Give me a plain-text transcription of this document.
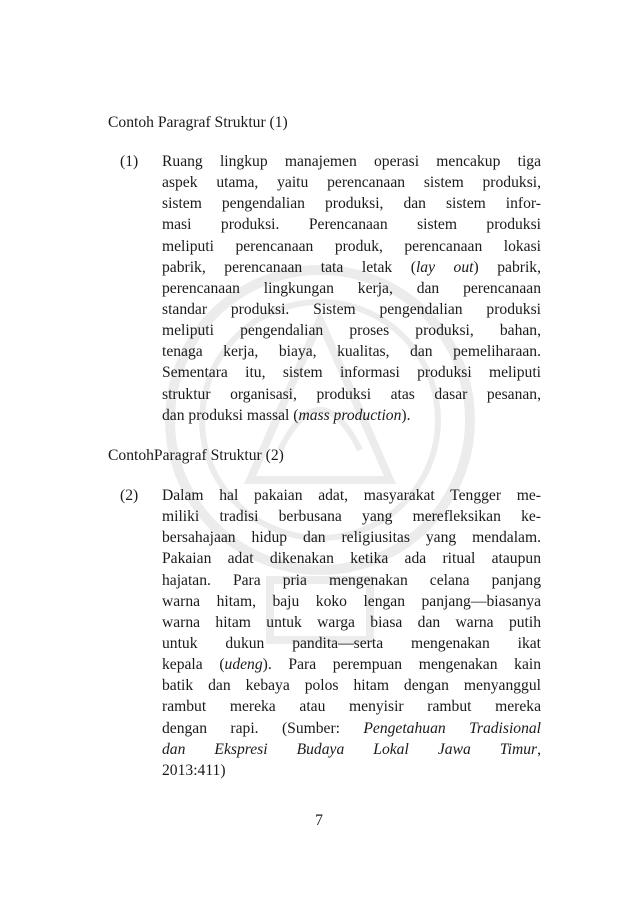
Contoh Paragraf Struktur (1)
(1) Ruang lingkup manajemen operasi mencakup tiga
aspek utama, yaitu perencanaan sistem produksi,
sistem pengendalian produksi, dan sistem infor-
masi produksi. Perencanaan sistem produksi
meliputi perencanaan produk, perencanaan lokasi
pabrik, perencanaan tata letak (lay out) pabrik,
perencanaan lingkungan kerja, dan perencanaan
standar produksi. Sistem pengendalian produksi
meliputi pengendalian proses produksi, bahan,
tenaga kerja, biaya, kualitas, dan pemeliharaan.
Sementara itu, sistem informasi produksi meliputi
struktur organisasi, produksi atas dasar pesanan,
dan produksi massal (mass production).
ContohParagraf Struktur (2)
(2) Dalam hal pakaian adat, masyarakat Tengger me-
miliki tradisi berbusana yang merefleksikan ke-
bersahajaan hidup dan religiusitas yang mendalam.
Pakaian adat dikenakan ketika ada ritual ataupun
hajatan. Para pria mengenakan celana panjang
warna hitam, baju koko lengan panjang—biasanya
warna hitam untuk warga biasa dan warna putih
untuk dukun pandita—serta mengenakan ikat
kepala (udeng). Para perempuan mengenakan kain
batik dan kebaya polos hitam dengan menyanggul
rambut mereka atau menyisir rambut mereka
dengan rapi. (Sumber: Pengetahuan Tradisional
dan Ekspresi Budaya Lokal Jawa Timur,
2013:411)
7
